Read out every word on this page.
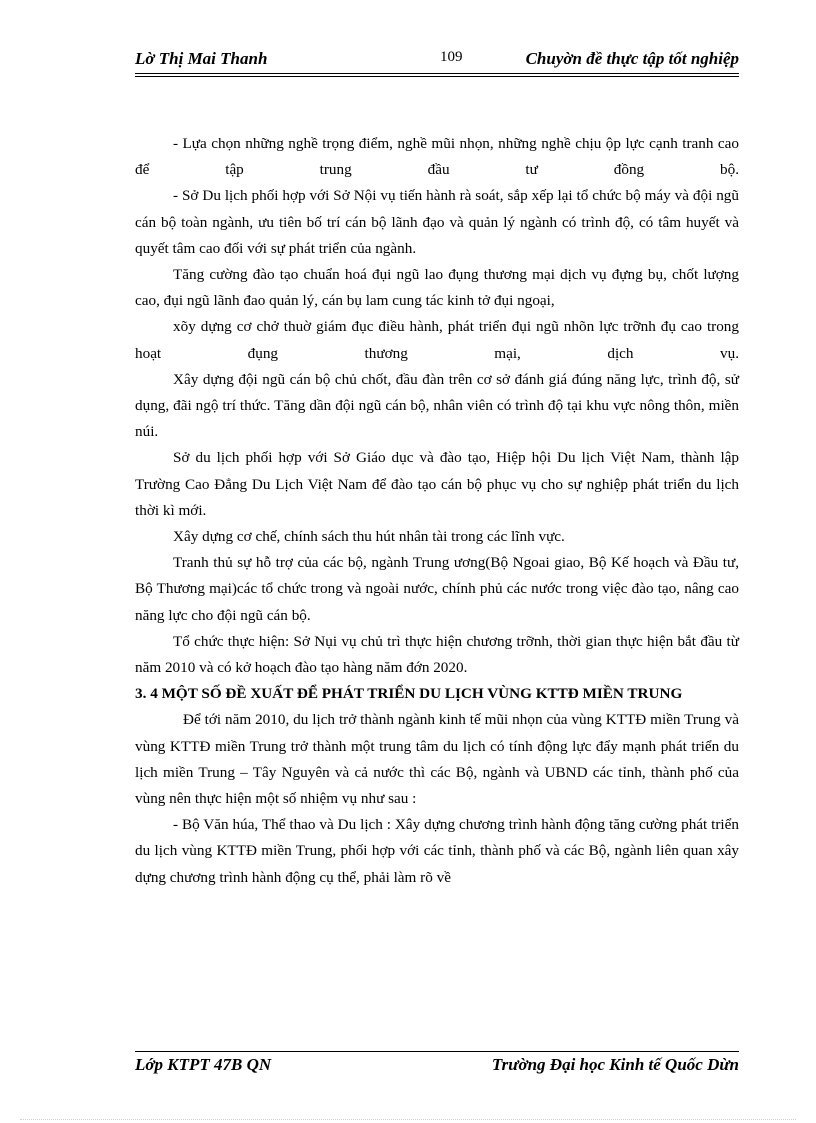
Lờ Thị Mai Thanh	109	Chuyờn đề thực tập tốt nghiệp

- Lựa chọn những nghề trọng điểm, nghề mũi nhọn, những nghề chịu ộp lực cạnh tranh cao để tập trung đầu tư đồng bộ.

- Sở Du lịch phối hợp với Sở Nội vụ tiến hành rà soát, sắp xếp lại tổ chức bộ máy và đội ngũ cán bộ toàn ngành, ưu tiên bố trí cán bộ lãnh đạo và quản lý ngành có trình độ, có tâm huyết và quyết tâm cao đối với sự phát triển của ngành.

Tăng cường đào tạo chuẩn hoá đụi ngũ lao đụng thương mại dịch vụ đựng bụ, chốt lượng cao, đụi ngũ lãnh đao quản lý, cán bụ lam cung tác kinh tở đụi ngoại,

xõy dựng cơ chở thuờ giám đục điều hành, phát triển đụi ngũ nhõn lực trỡnh đụ cao trong hoạt đụng thương mại, dịch vụ.

Xây dựng đội ngũ cán bộ chủ chốt, đầu đàn trên cơ sở đánh giá đúng năng lực, trình độ, sử dụng, đãi ngộ trí thức. Tăng dần đội ngũ cán bộ, nhân viên có trình độ tại khu vực nông thôn, miền núi.

Sở du lịch phối hợp với Sở Giáo dục và đào tạo, Hiệp hội Du lịch Việt Nam, thành lập Trường Cao Đẳng Du Lịch Việt Nam để đào tạo cán bộ phục vụ cho sự nghiệp phát triển du lịch thời kì mới.

Xây dựng cơ chế, chính sách thu hút nhân tài trong các lĩnh vực.

Tranh thủ sự hỗ trợ của các bộ, ngành Trung ương(Bộ Ngoai giao, Bộ Kế hoạch và Đầu tư, Bộ Thương mại)các tổ chức trong và ngoài nước, chính phủ các nước trong việc đào tạo, nâng cao năng lực cho đội ngũ cán bộ.

Tổ chức thực hiện: Sở Nụi vụ chủ trì thực hiện chương trỡnh, thời gian thực hiện bắt đầu từ năm 2010 và có kở hoạch đào tạo hàng năm đớn 2020.

3. 4 MỘT SỐ ĐỀ XUẤT ĐỂ PHÁT TRIỂN DU LỊCH VÙNG KTTĐ MIỀN TRUNG

Để tới năm 2010, du lịch trở thành ngành kinh tế mũi nhọn của vùng KTTĐ miền Trung và vùng KTTĐ miền Trung trở thành một trung tâm du lịch có tính động lực đẩy mạnh phát triển du lịch miền Trung – Tây Nguyên và cả nước thì các Bộ, ngành và UBND các tỉnh, thành phố của vùng nên thực hiện một số nhiệm vụ như sau :

- Bộ Văn húa, Thể thao và Du lịch : Xây dựng chương trình hành động tăng cường phát triển du lịch vùng KTTĐ miền Trung, phối hợp với các tỉnh, thành phố và các Bộ, ngành liên quan xây dựng chương trình hành động cụ thể, phải làm rõ về

Lớp KTPT 47B QN	Trường Đại học Kinh tế Quốc Dừn
